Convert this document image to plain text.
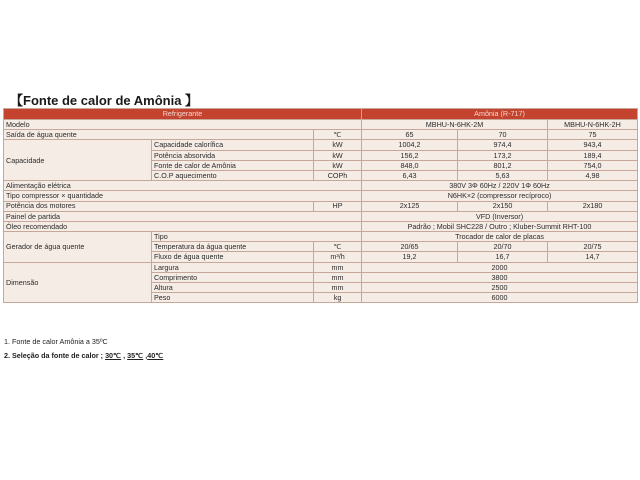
【Fonte de calor de Amônia 】
Refrigerante			Amônia (R-717)		
Modelo			MBHU-N-6HK-2M		MBHU-N-6HK-2H
Saída de água quente		℃	65	70	75
Capacidade	Capacidade calorífica	kW	1004,2	974,4	943,4
	Potência absorvida	kW	156,2	173,2	189,4
	Fonte de calor de Amônia	kW	848,0	801,2	754,0
	C.O.P aquecimento	COPh	6,43	5,63	4,98
Alimentação elétrica			380V 3Φ 60Hz / 220V 1Φ 60Hz		
Tipo compressor × quantidade			N6HK×2 (compressor recíproco)		
Potência dos motores		HP	2x125	2x150	2x180
Painel de partida			VFD (Inversor)		
Óleo recomendado			Padrão ; Mobil SHC228 / Outro ; Kluber-Summit RHT-100		
Gerador de água quente	Tipo		Trocador de calor de placas		
	Temperatura da água quente	℃	20/65	20/70	20/75
	Fluxo de água quente	m³/h	19,2	16,7	14,7
Dimensão	Largura	mm	2000		
	Comprimento	mm	3800		
	Altura	mm	2500		
	Peso	kg	6000		
1. Fonte de calor Amônia a 35ºC
2. Seleção da fonte de calor ; 30℃ , 35℃ ,40℃
